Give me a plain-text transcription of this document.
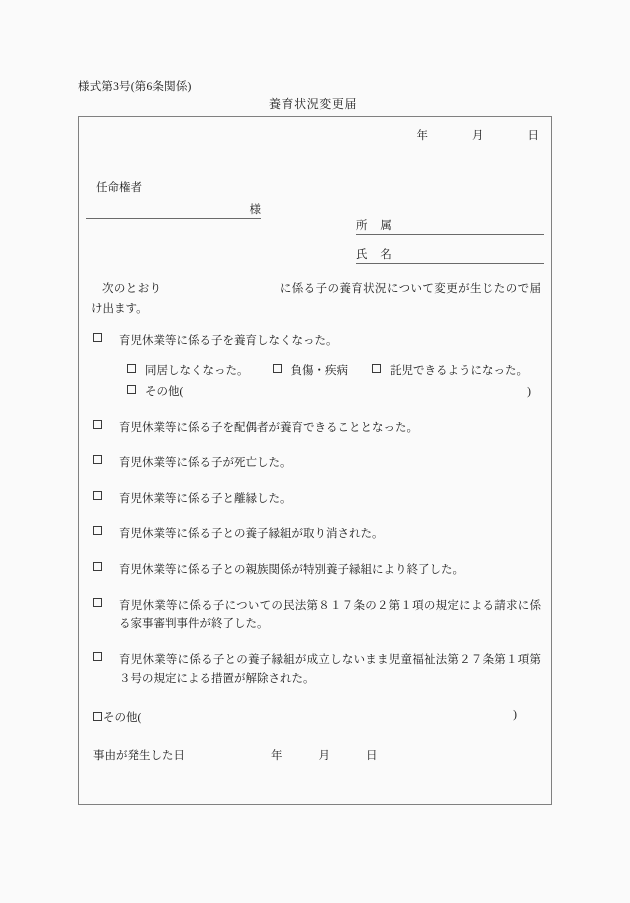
様式第3号(第6条関係)
養育状況変更届
年	月	日
任命権者
様
所 属
氏 名
次のとおり	に係る子の養育状況について変更が生じたので届け出ます。
育児休業等に係る子を養育しなくなった。
同居しなくなった。	負傷・疾病	託児できるようになった。
その他(	)
育児休業等に係る子を配偶者が養育できることとなった。
育児休業等に係る子が死亡した。
育児休業等に係る子と離縁した。
育児休業等に係る子との養子縁組が取り消された。
育児休業等に係る子との親族関係が特別養子縁組により終了した。
育児休業等に係る子についての民法第８１７条の２第１項の規定による請求に係る家事審判事件が終了した。
育児休業等に係る子との養子縁組が成立しないまま児童福祉法第２７条第１項第３号の規定による措置が解除された。
その他(	)
事由が発生した日	年	月	日
